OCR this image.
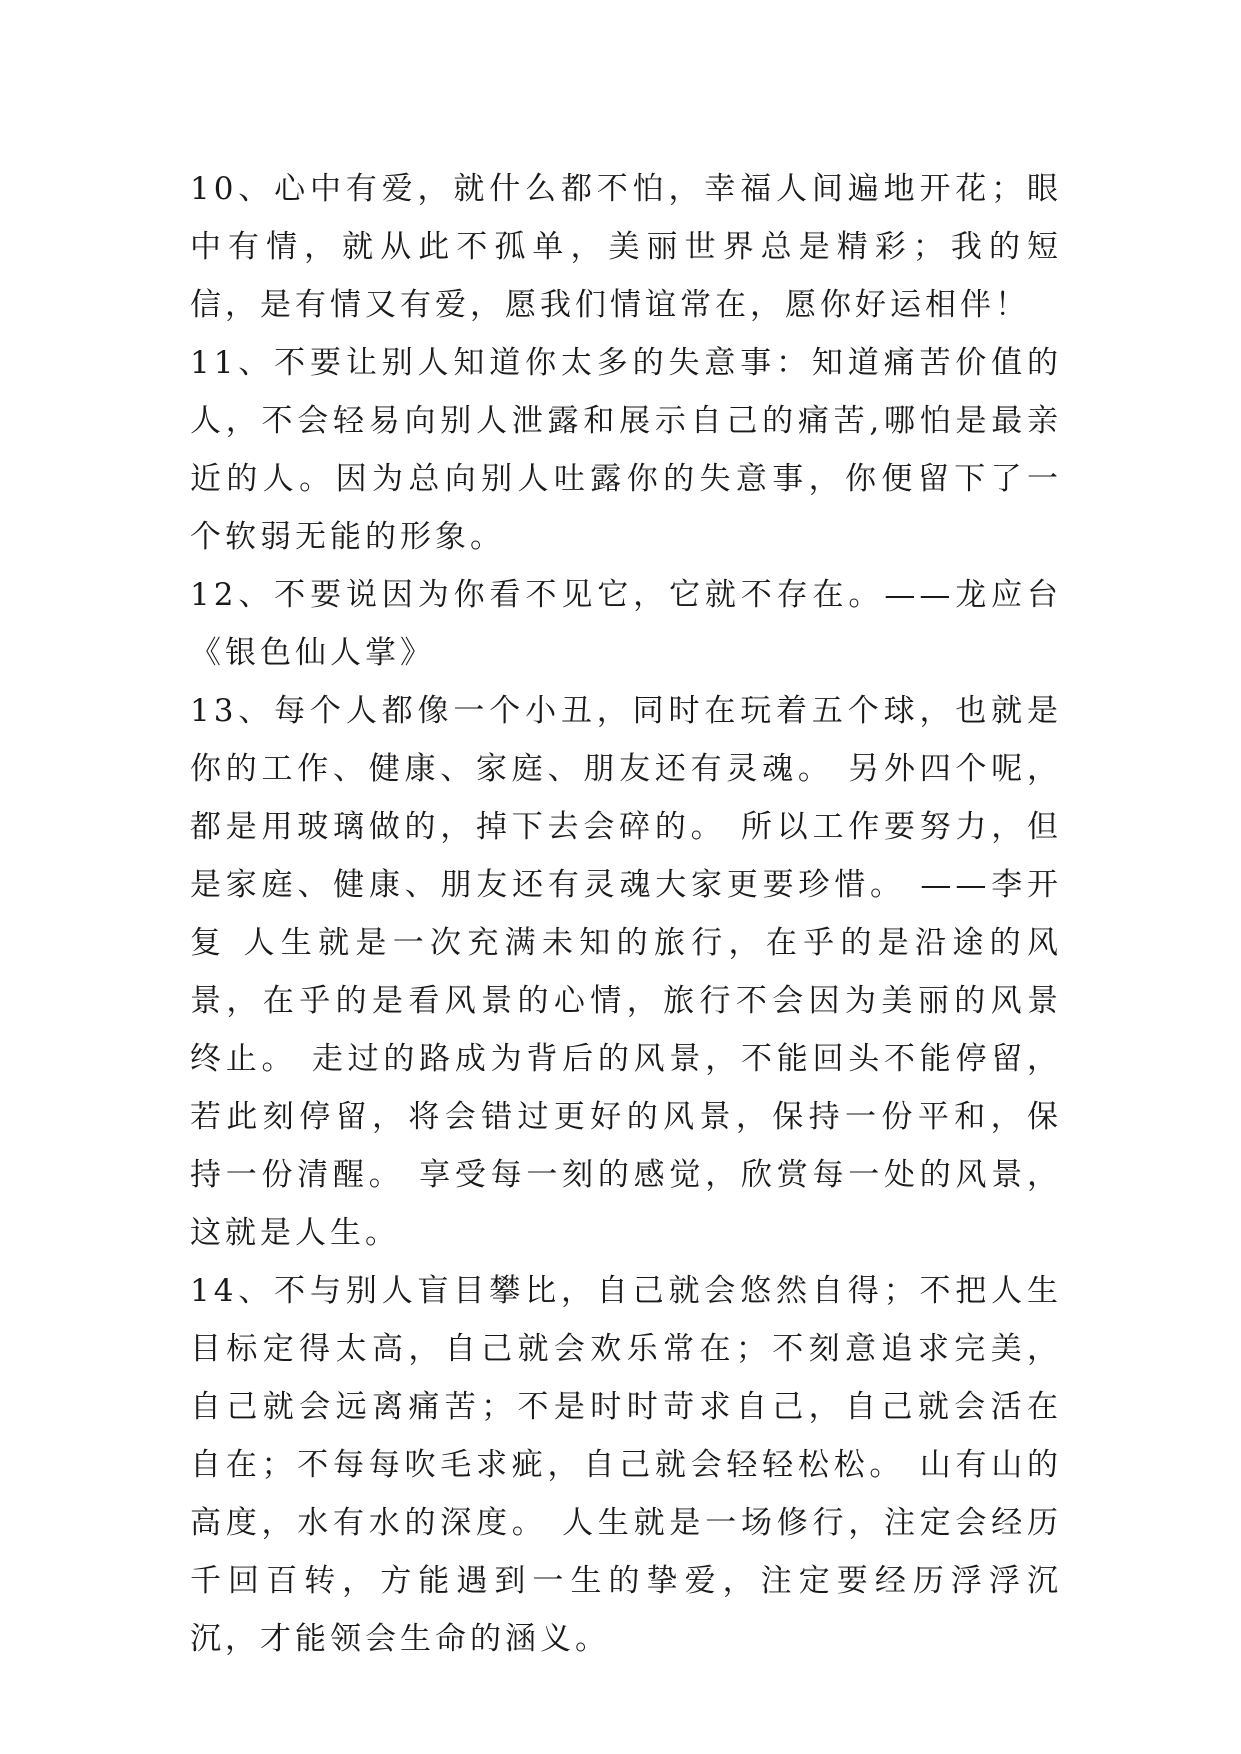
10、心中有爱，就什么都不怕，幸福人间遍地开花；眼中有情，就从此不孤单，美丽世界总是精彩；我的短信，是有情又有爱，愿我们情谊常在，愿你好运相伴！

11、不要让别人知道你太多的失意事：知道痛苦价值的人，不会轻易向别人泄露和展示自己的痛苦,哪怕是最亲近的人。因为总向别人吐露你的失意事，你便留下了一个软弱无能的形象。

12、不要说因为你看不见它，它就不存在。——龙应台《银色仙人掌》

13、每个人都像一个小丑，同时在玩着五个球，也就是你的工作、健康、家庭、朋友还有灵魂。 另外四个呢，都是用玻璃做的，掉下去会碎的。 所以工作要努力，但是家庭、健康、朋友还有灵魂大家更要珍惜。 ——李开复 人生就是一次充满未知的旅行，在乎的是沿途的风景，在乎的是看风景的心情，旅行不会因为美丽的风景终止。 走过的路成为背后的风景，不能回头不能停留，若此刻停留，将会错过更好的风景，保持一份平和，保持一份清醒。 享受每一刻的感觉，欣赏每一处的风景，这就是人生。

14、不与别人盲目攀比，自己就会悠然自得；不把人生目标定得太高，自己就会欢乐常在；不刻意追求完美，自己就会远离痛苦；不是时时苛求自己，自己就会活在自在；不每每吹毛求疵，自己就会轻轻松松。 山有山的高度，水有水的深度。 人生就是一场修行，注定会经历千回百转，方能遇到一生的挚爱，注定要经历浮浮沉沉，才能领会生命的涵义。
